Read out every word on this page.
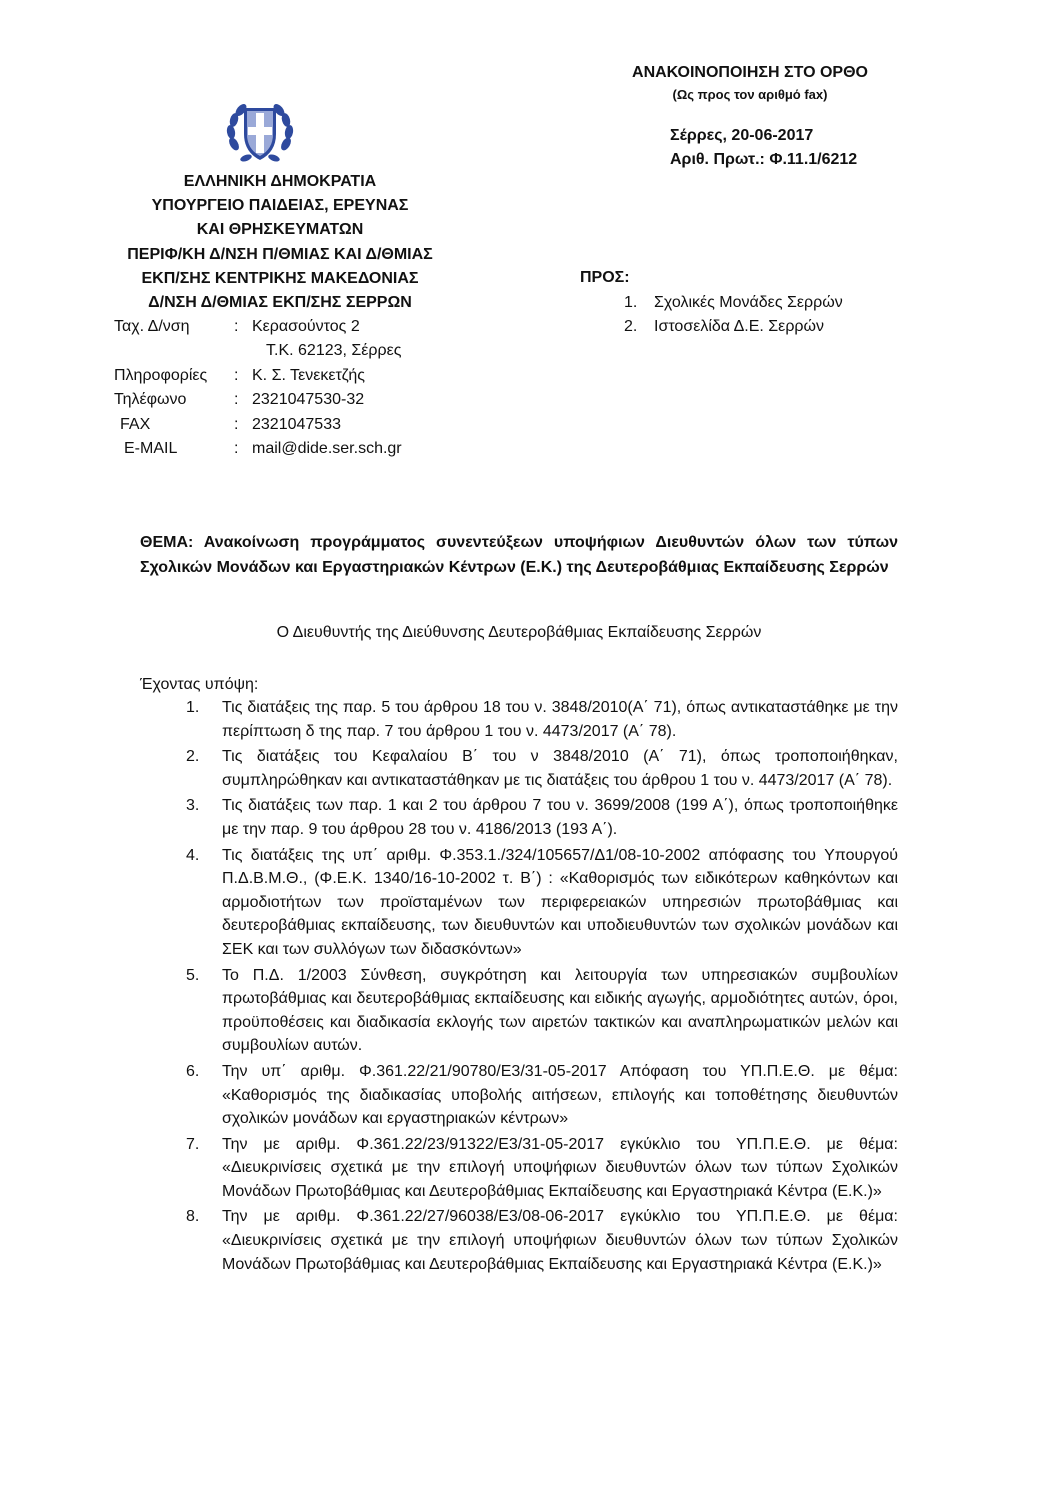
ΑΝΑΚΟΙΝΟΠΟΙΗΣΗ ΣΤΟ ΟΡΘΟ
(Ως προς τον αριθμό fax)
Σέρρες, 20-06-2017
Αριθ. Πρωτ.: Φ.11.1/6212
ΕΛΛΗΝΙΚΗ ΔΗΜΟΚΡΑΤΙΑ
ΥΠΟΥΡΓΕΙΟ ΠΑΙΔΕΙΑΣ, ΕΡΕΥΝΑΣ
ΚΑΙ ΘΡΗΣΚΕΥΜΑΤΩΝ
ΠΕΡΙΦ/ΚΗ Δ/ΝΣΗ Π/ΘΜΙΑΣ ΚΑΙ Δ/ΘΜΙΑΣ
ΕΚΠ/ΣΗΣ ΚΕΝΤΡΙΚΗΣ ΜΑΚΕΔΟΝΙΑΣ
Δ/ΝΣΗ Δ/ΘΜΙΑΣ ΕΚΠ/ΣΗΣ ΣΕΡΡΩΝ
Ταχ. Δ/νση	: Κερασούντος 2
Τ.Κ. 62123, Σέρρες
Πληροφορίες	: Κ. Σ. Τενεκετζής
Τηλέφωνο	: 2321047530-32
FAX	: 2321047533
E-MAIL	: mail@dide.ser.sch.gr
ΠΡΟΣ:
1.	Σχολικές Μονάδες Σερρών
2.	Ιστοσελίδα Δ.Ε. Σερρών
ΘΕΜΑ: Ανακοίνωση προγράμματος συνεντεύξεων υποψήφιων Διευθυντών όλων των τύπων Σχολικών Μονάδων και Εργαστηριακών Κέντρων (Ε.Κ.) της Δευτεροβάθμιας Εκπαίδευσης Σερρών
Ο Διευθυντής της Διεύθυνσης Δευτεροβάθμιας Εκπαίδευσης Σερρών
Έχοντας υπόψη:
1.	Τις διατάξεις της παρ. 5 του άρθρου 18 του ν. 3848/2010(Α΄ 71), όπως αντικαταστάθηκε με την περίπτωση δ της παρ. 7 του άρθρου 1 του ν. 4473/2017 (Α΄ 78).
2.	Τις διατάξεις του Κεφαλαίου Β΄ του ν 3848/2010 (Α΄ 71), όπως τροποποιήθηκαν, συμπληρώθηκαν και αντικαταστάθηκαν με τις διατάξεις του άρθρου 1 του ν. 4473/2017 (Α΄ 78).
3.	Τις διατάξεις των παρ. 1 και 2 του άρθρου 7 του ν. 3699/2008 (199 Α΄), όπως τροποποιήθηκε με την παρ. 9 του άρθρου 28 του ν. 4186/2013 (193 Α΄).
4.	Τις διατάξεις της υπ΄ αριθμ. Φ.353.1./324/105657/Δ1/08-10-2002 απόφασης του Υπουργού Π.Δ.Β.Μ.Θ., (Φ.Ε.Κ. 1340/16-10-2002 τ. Β΄) : «Καθορισμός των ειδικότερων καθηκόντων και αρμοδιοτήτων των προϊσταμένων των περιφερειακών υπηρεσιών πρωτοβάθμιας και δευτεροβάθμιας εκπαίδευσης, των διευθυντών και υποδιευθυντών των σχολικών μονάδων και ΣΕΚ και των συλλόγων των διδασκόντων»
5.	Το Π.Δ. 1/2003 Σύνθεση, συγκρότηση και λειτουργία των υπηρεσιακών συμβουλίων πρωτοβάθμιας και δευτεροβάθμιας εκπαίδευσης και ειδικής αγωγής, αρμοδιότητες αυτών, όροι, προϋποθέσεις και διαδικασία εκλογής των αιρετών τακτικών και αναπληρωματικών μελών και συμβουλίων αυτών.
6.	Την υπ΄ αριθμ. Φ.361.22/21/90780/Ε3/31-05-2017 Απόφαση του ΥΠ.Π.Ε.Θ. με θέμα: «Καθορισμός της διαδικασίας υποβολής αιτήσεων, επιλογής και τοποθέτησης διευθυντών σχολικών μονάδων και εργαστηριακών κέντρων»
7.	Την με αριθμ. Φ.361.22/23/91322/Ε3/31-05-2017 εγκύκλιο του ΥΠ.Π.Ε.Θ. με θέμα: «Διευκρινίσεις σχετικά με την επιλογή υποψήφιων διευθυντών όλων των τύπων Σχολικών Μονάδων Πρωτοβάθμιας και Δευτεροβάθμιας Εκπαίδευσης και Εργαστηριακά Κέντρα (Ε.Κ.)»
8.	Την με αριθμ. Φ.361.22/27/96038/Ε3/08-06-2017 εγκύκλιο του ΥΠ.Π.Ε.Θ. με θέμα: «Διευκρινίσεις σχετικά με την επιλογή υποψήφιων διευθυντών όλων των τύπων Σχολικών Μονάδων Πρωτοβάθμιας και Δευτεροβάθμιας Εκπαίδευσης και Εργαστηριακά Κέντρα (Ε.Κ.)»
